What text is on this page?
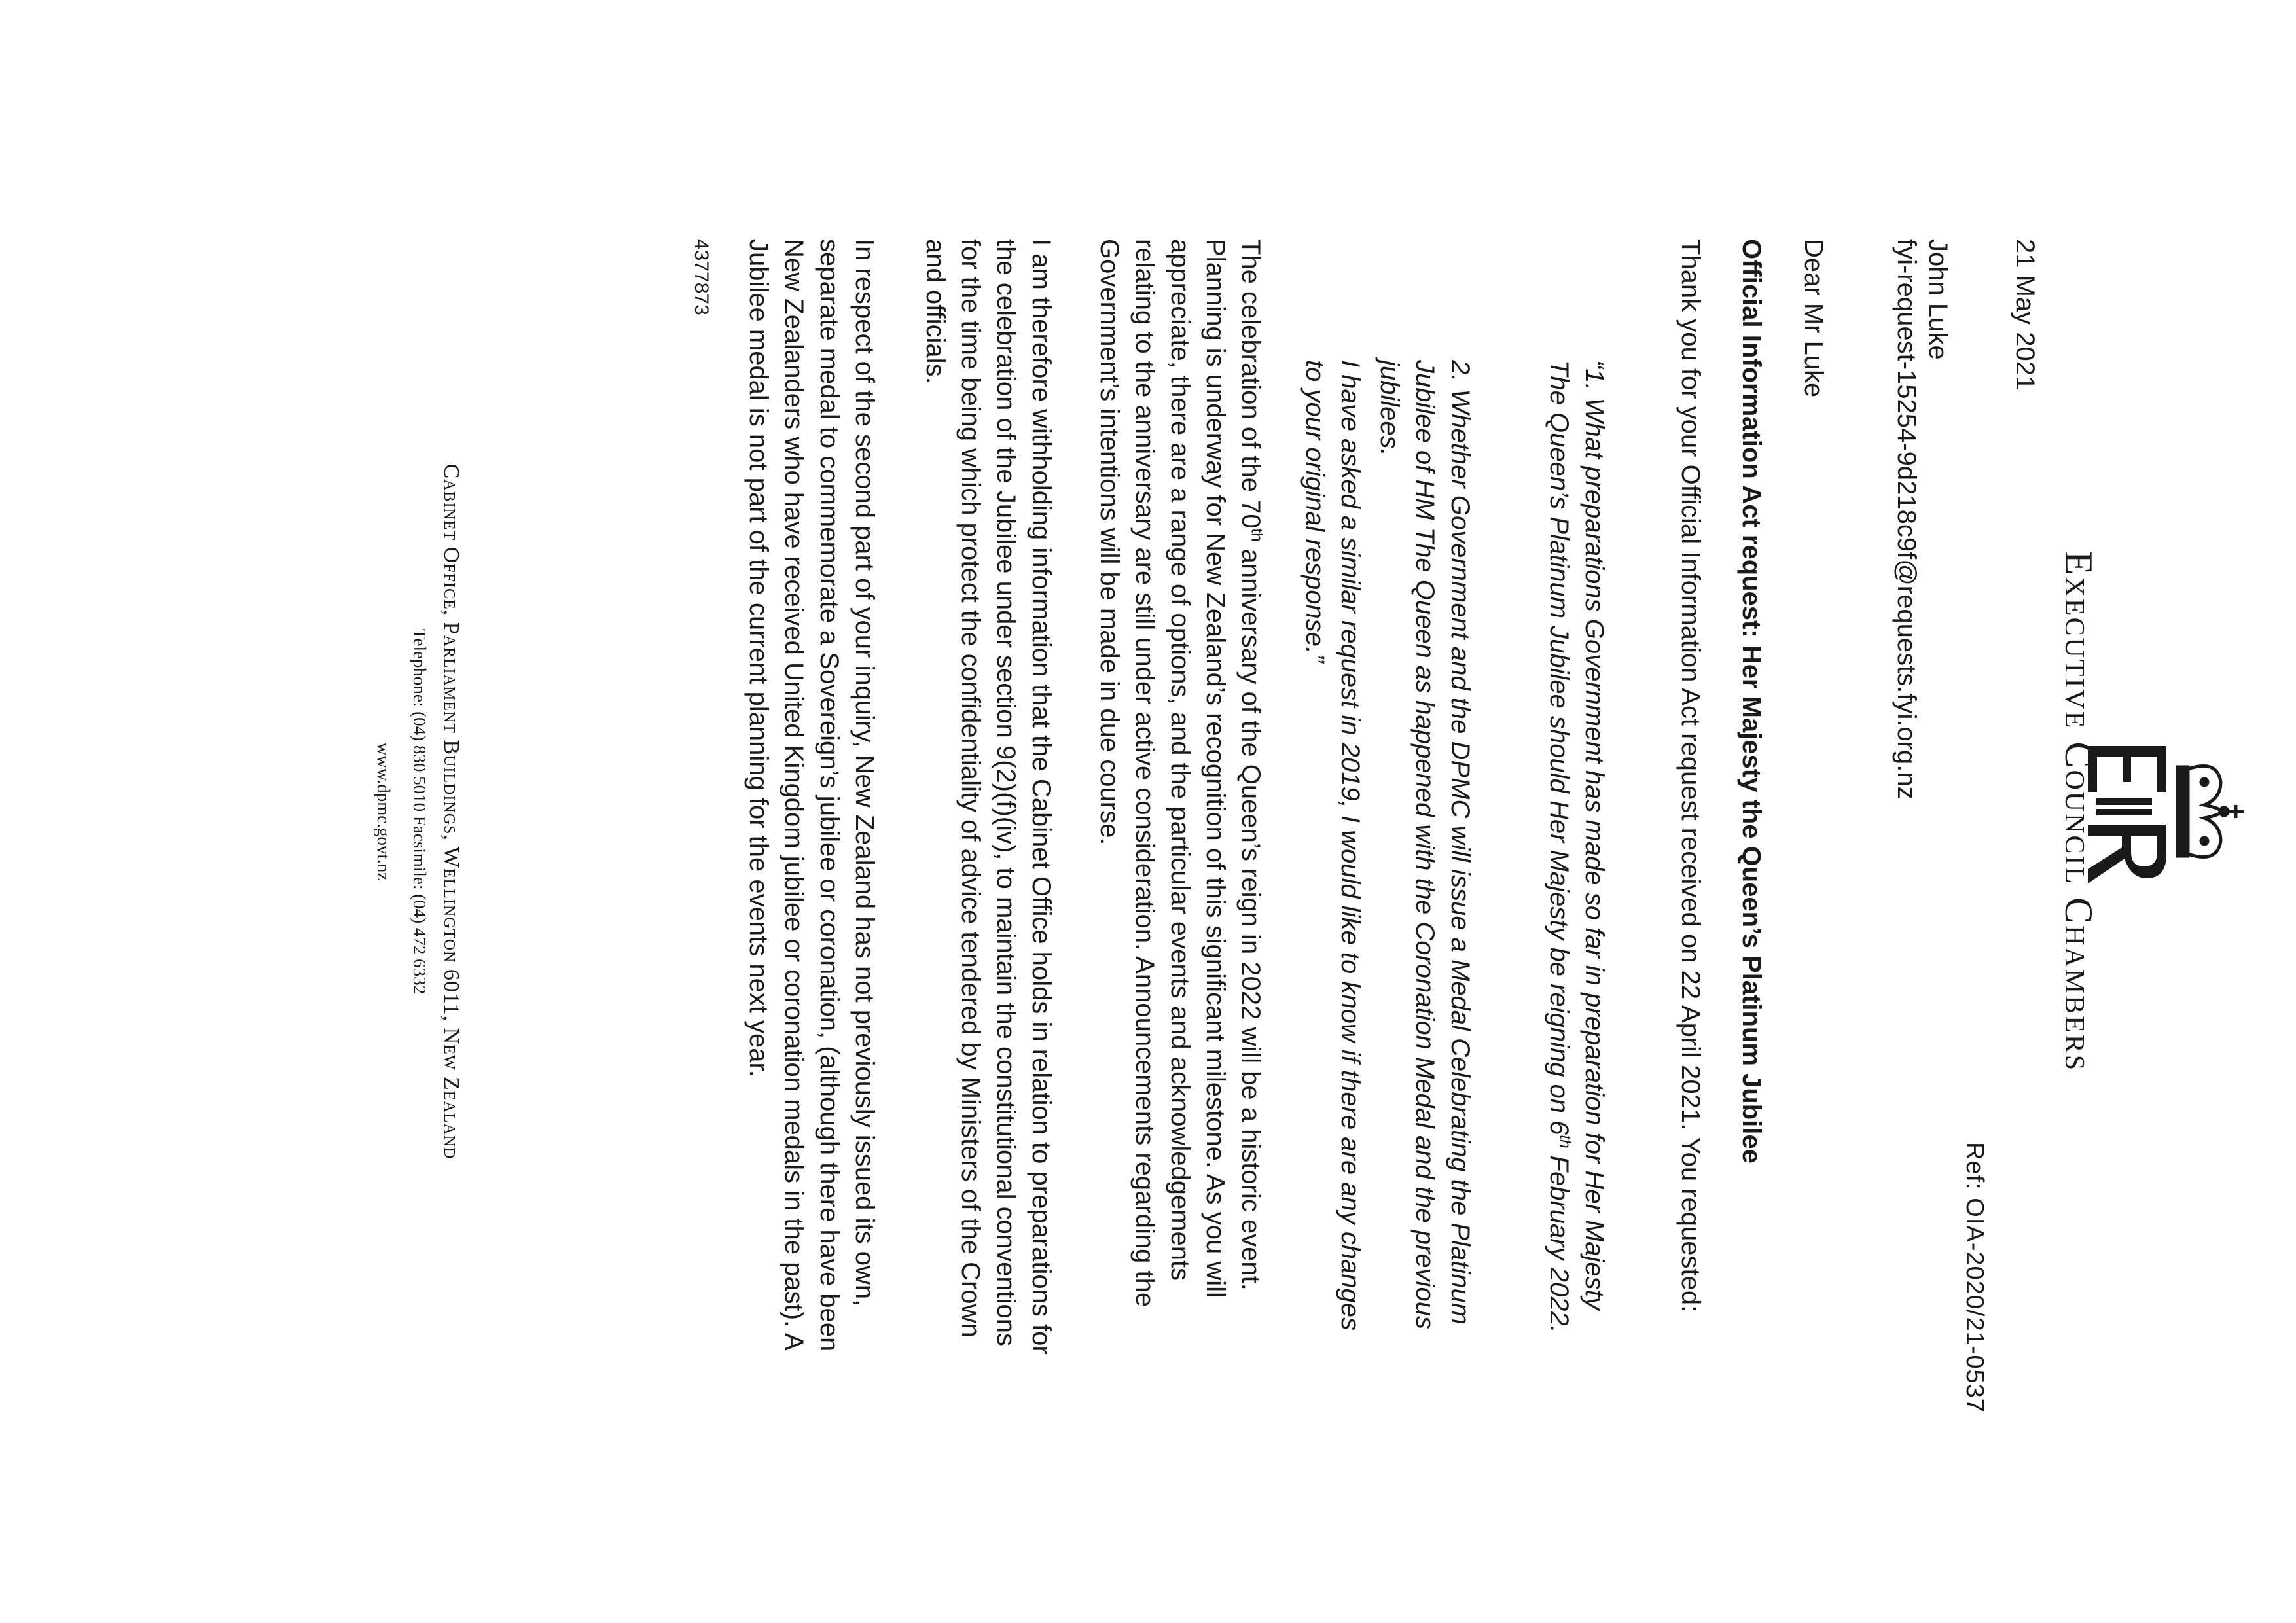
Executive Council Chambers

Ref: OIA-2020/21-0537

21 May 2021

John Luke
fyi-request-15254-9d218c9f@requests.fyi.org.nz

Dear Mr Luke

Official Information Act request: Her Majesty the Queen’s Platinum Jubilee

Thank you for your Official Information Act request received on 22 April 2021. You requested:

“1. What preparations Government has made so far in preparation for Her Majesty The Queen’s Platinum Jubilee should Her Majesty be reigning on 6th February 2022.

2. Whether Government and the DPMC will issue a Medal Celebrating the Platinum Jubilee of HM The Queen as happened with the Coronation Medal and the previous jubilees.

I have asked a similar request in 2019, I would like to know if there are any changes to your original response.”

The celebration of the 70th anniversary of the Queen’s reign in 2022 will be a historic event. Planning is underway for New Zealand’s recognition of this significant milestone. As you will appreciate, there are a range of options, and the particular events and acknowledgements relating to the anniversary are still under active consideration. Announcements regarding the Government’s intentions will be made in due course.

I am therefore withholding information that the Cabinet Office holds in relation to preparations for the celebration of the Jubilee under section 9(2)(f)(iv), to maintain the constitutional conventions for the time being which protect the confidentiality of advice tendered by Ministers of the Crown and officials.

In respect of the second part of your inquiry, New Zealand has not previously issued its own, separate medal to commemorate a Sovereign’s jubilee or coronation, (although there have been New Zealanders who have received United Kingdom jubilee or coronation medals in the past). A Jubilee medal is not part of the current planning for the events next year.

4377873

Cabinet Office, Parliament Buildings, Wellington 6011, New Zealand

Telephone: (04) 830 5010 Facsimile: (04) 472 6332

www.dpmc.govt.nz
